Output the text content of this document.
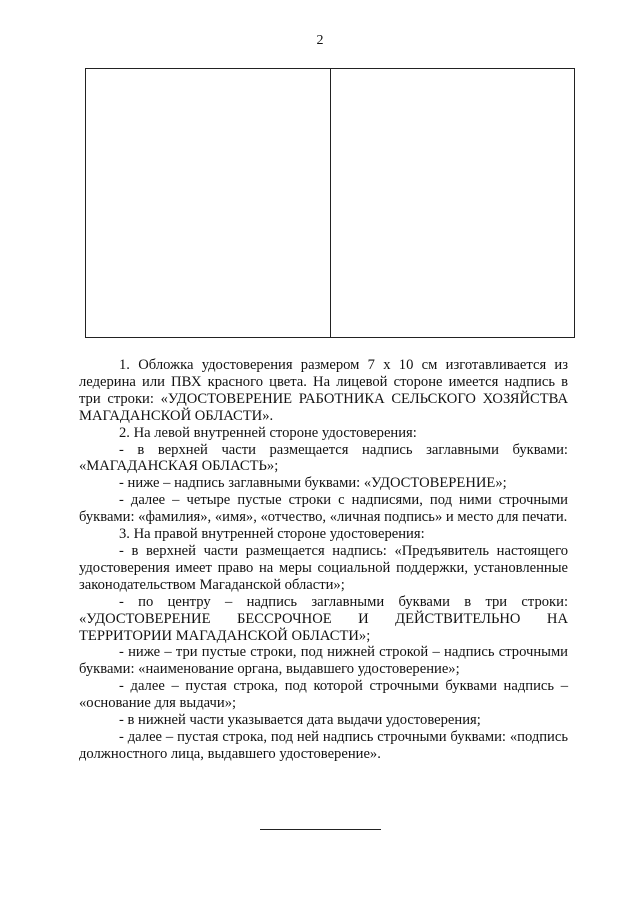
2

1. Обложка удостоверения размером 7 х 10 см изготавливается из ледерина или ПВХ красного цвета. На лицевой стороне имеется надпись в три строки: «УДОСТОВЕРЕНИЕ РАБОТНИКА СЕЛЬСКОГО ХОЗЯЙСТВА МАГАДАНСКОЙ ОБЛАСТИ».

2. На левой внутренней стороне удостоверения:

- в верхней части размещается надпись заглавными буквами: «МАГАДАНСКАЯ ОБЛАСТЬ»;

- ниже – надпись заглавными буквами: «УДОСТОВЕРЕНИЕ»;

- далее – четыре пустые строки с надписями, под ними строчными буквами: «фамилия», «имя», «отчество, «личная подпись» и место для печати.

3. На правой внутренней стороне удостоверения:

- в верхней части размещается надпись: «Предъявитель настоящего удостоверения имеет право на меры социальной поддержки, установленные законодательством Магаданской области»;

- по центру – надпись заглавными буквами в три строки: «УДОСТОВЕРЕНИЕ БЕССРОЧНОЕ И ДЕЙСТВИТЕЛЬНО НА ТЕРРИТОРИИ МАГАДАНСКОЙ ОБЛАСТИ»;

- ниже – три пустые строки, под нижней строкой – надпись строчными буквами: «наименование органа, выдавшего удостоверение»;

- далее – пустая строка, под которой строчными буквами надпись – «основание для выдачи»;

- в нижней части указывается дата выдачи удостоверения;

- далее – пустая строка, под ней надпись строчными буквами: «подпись должностного лица, выдавшего удостоверение».
